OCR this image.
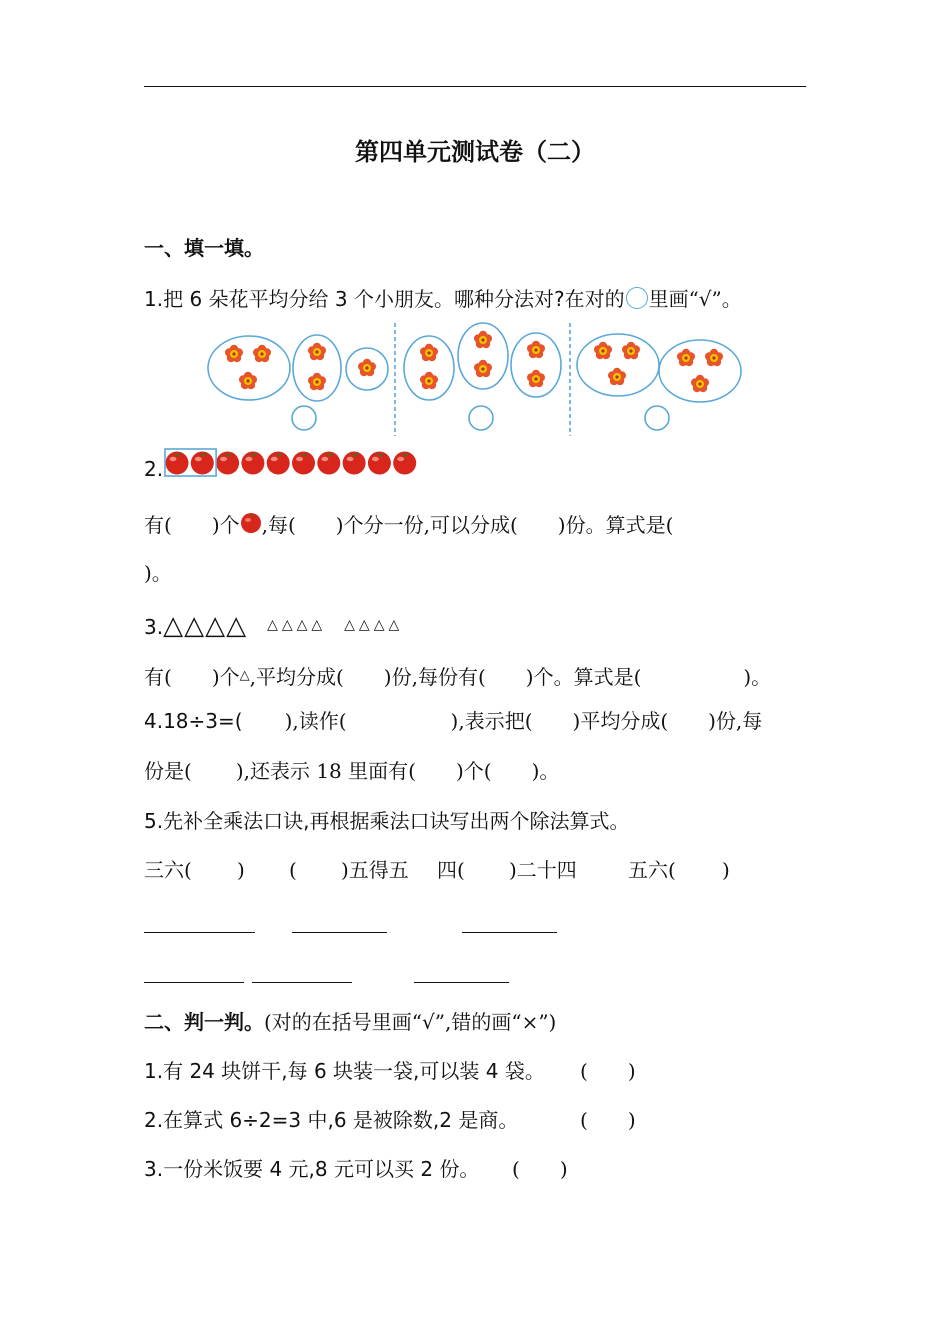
第四单元测试卷（二）
一、填一填。
1.把 6 朵花平均分给 3 个小朋友。哪种分法对?在对的 里画“√”。
2.
有( )个 ,每( )个分一份,可以分成( )份。算式是(
)。
3.△△△△ △△△△ △△△△
有( )个△,平均分成( )份,每份有( )个。算式是(	)。
4.18÷3=( ),读作(	),表示把( )平均分成( )份,每
份是( ),还表示 18 里面有( )个( )。
5.先补全乘法口诀,再根据乘法口诀写出两个除法算式。
三六( ) ( )五得五 四( )二十四	五六( )
二、判一判。(对的在括号里画“√”,错的画“×”)
1.有 24 块饼干,每 6 块装一袋,可以装 4 袋。 ( )
2.在算式 6÷2=3 中,6 是被除数,2 是商。	( )
3.一份米饭要 4 元,8 元可以买 2 份。 ( )
